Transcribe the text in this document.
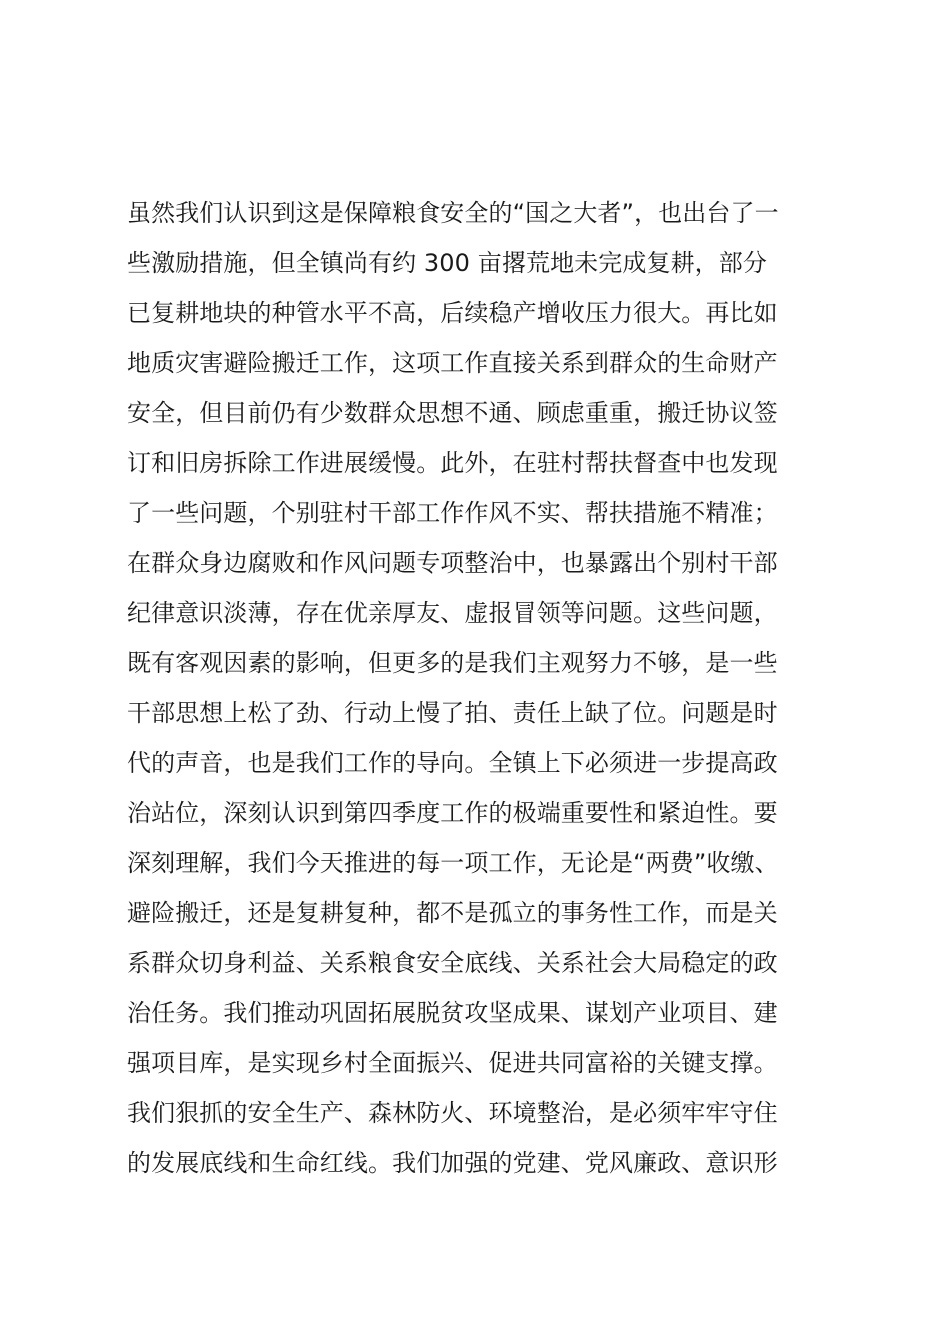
虽然我们认识到这是保障粮食安全的“国之大者”，也出台了一
些激励措施，但全镇尚有约 300 亩撂荒地未完成复耕，部分
已复耕地块的种管水平不高，后续稳产增收压力很大。再比如
地质灾害避险搬迁工作，这项工作直接关系到群众的生命财产
安全，但目前仍有少数群众思想不通、顾虑重重，搬迁协议签
订和旧房拆除工作进展缓慢。此外，在驻村帮扶督查中也发现
了一些问题，个别驻村干部工作作风不实、帮扶措施不精准；
在群众身边腐败和作风问题专项整治中，也暴露出个别村干部
纪律意识淡薄，存在优亲厚友、虚报冒领等问题。这些问题，
既有客观因素的影响，但更多的是我们主观努力不够，是一些
干部思想上松了劲、行动上慢了拍、责任上缺了位。问题是时
代的声音，也是我们工作的导向。全镇上下必须进一步提高政
治站位，深刻认识到第四季度工作的极端重要性和紧迫性。要
深刻理解，我们今天推进的每一项工作，无论是“两费”收缴、
避险搬迁，还是复耕复种，都不是孤立的事务性工作，而是关
系群众切身利益、关系粮食安全底线、关系社会大局稳定的政
治任务。我们推动巩固拓展脱贫攻坚成果、谋划产业项目、建
强项目库，是实现乡村全面振兴、促进共同富裕的关键支撑。
我们狠抓的安全生产、森林防火、环境整治，是必须牢牢守住
的发展底线和生命红线。我们加强的党建、党风廉政、意识形
